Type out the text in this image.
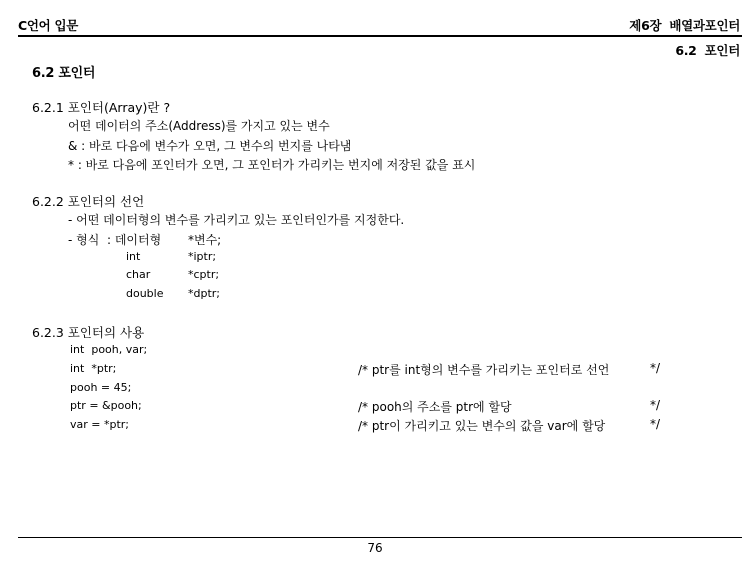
C언어 입문	제6장  배열과포인터
6.2  포인터
6.2 포인터
6.2.1 포인터(Array)란 ?
어떤 데이터의 주소(Address)를 가지고 있는 변수
& : 바로 다음에 변수가 오면, 그 변수의 번지를 나타냄
* : 바로 다음에 포인터가 오면, 그 포인터가 가리키는 번지에 저장된 값을 표시
6.2.2 포인터의 선언
- 어떤 데이터형의 변수를 가리키고 있는 포인터인가를 지정한다.
- 형식  : 데이터형 *변수;
int	*iptr;
char	*cptr;
double *dptr;
6.2.3 포인터의 사용
int  pooh, var;
int  *ptr;	/* ptr를 int형의 변수를 가리키는 포인터로 선언	*/
pooh = 45;
ptr = &pooh;	/* pooh의 주소를 ptr에 할당	*/
var = *ptr;	/* ptr이 가리키고 있는 변수의 값을 var에 할당	*/
76
